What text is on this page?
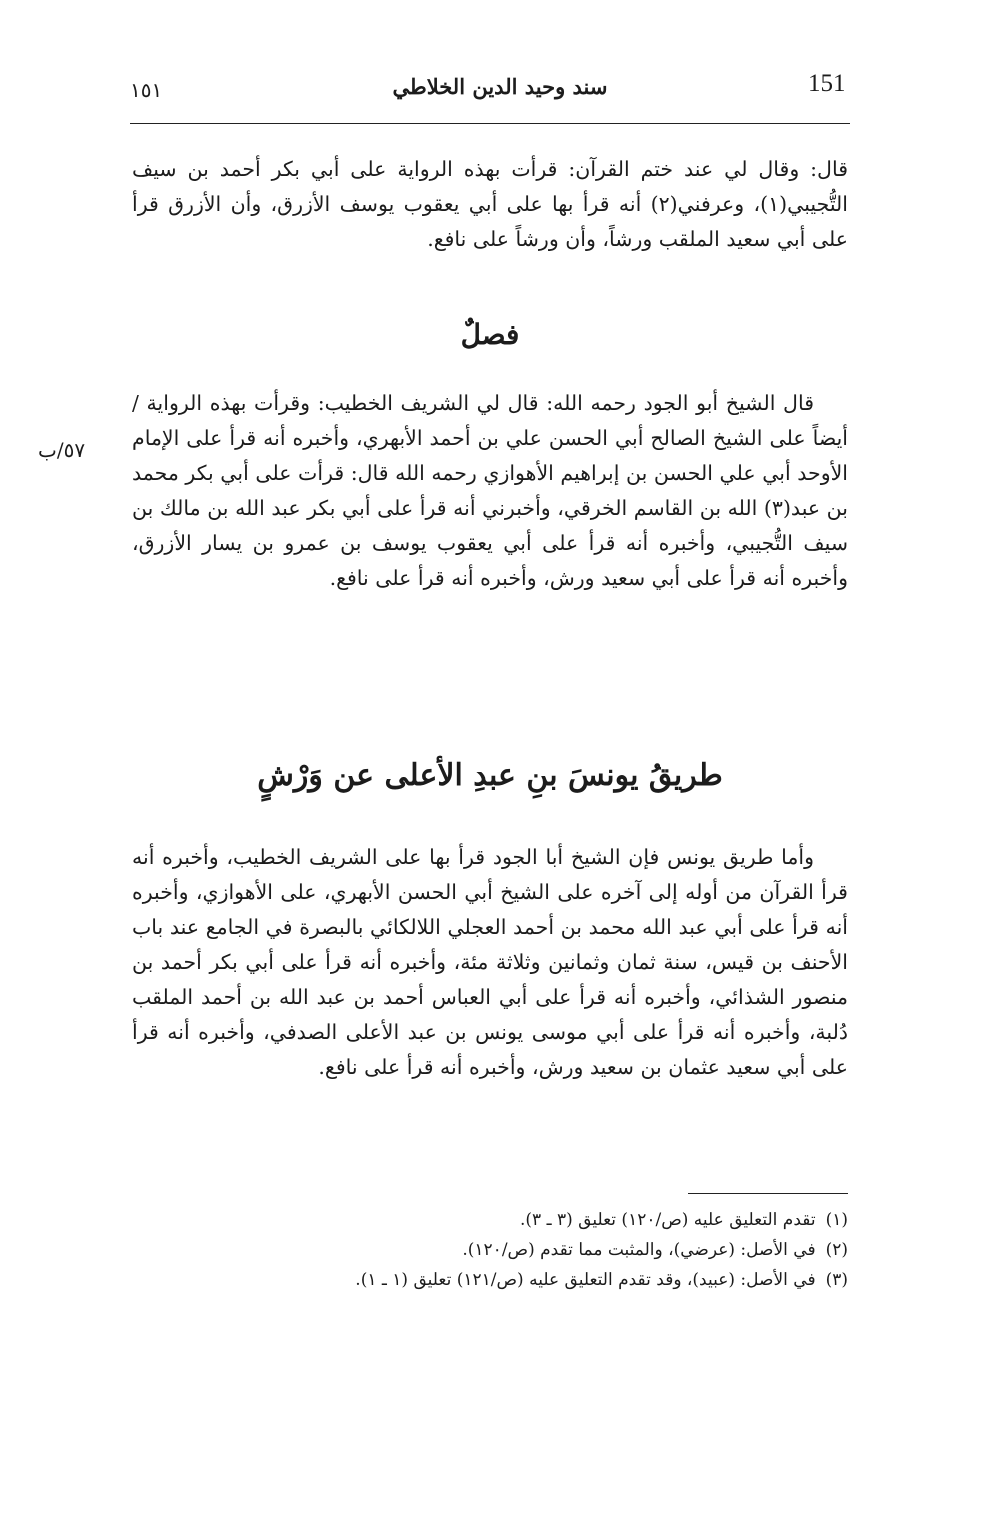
151
سند وحيد الدين الخلاطي
١٥١

قال: وقال لي عند ختم القرآن: قرأت بهذه الرواية على أبي بكر أحمد بن سيف التُّجيبي(١)، وعرفني(٢) أنه قرأ بها على أبي يعقوب يوسف الأزرق، وأن الأزرق قرأ على أبي سعيد الملقب ورشاً، وأن ورشاً على نافع.

فصلٌ
٥٧/ب

قال الشيخ أبو الجود رحمه الله: قال لي الشريف الخطيب: وقرأت بهذه الرواية / أيضاً على الشيخ الصالح أبي الحسن علي بن أحمد الأبهري، وأخبره أنه قرأ على الإمام الأوحد أبي علي الحسن بن إبراهيم الأهوازي رحمه الله قال: قرأت على أبي بكر محمد بن عبد(٣) الله بن القاسم الخرقي، وأخبرني أنه قرأ على أبي بكر عبد الله بن مالك بن سيف التُّجيبي، وأخبره أنه قرأ على أبي يعقوب يوسف بن عمرو بن يسار الأزرق، وأخبره أنه قرأ على أبي سعيد ورش، وأخبره أنه قرأ على نافع.

طريقُ يونسَ بنِ عبدِ الأعلى عن وَرْشٍ

وأما طريق يونس فإن الشيخ أبا الجود قرأ بها على الشريف الخطيب، وأخبره أنه قرأ القرآن من أوله إلى آخره على الشيخ أبي الحسن الأبهري، على الأهوازي، وأخبره أنه قرأ على أبي عبد الله محمد بن أحمد العجلي اللالكائي بالبصرة في الجامع عند باب الأحنف بن قيس، سنة ثمان وثمانين وثلاثة مئة، وأخبره أنه قرأ على أبي بكر أحمد بن منصور الشذائي، وأخبره أنه قرأ على أبي العباس أحمد بن عبد الله بن أحمد الملقب دُلبة، وأخبره أنه قرأ على أبي موسى يونس بن عبد الأعلى الصدفي، وأخبره أنه قرأ على أبي سعيد عثمان بن سعيد ورش، وأخبره أنه قرأ على نافع.

(١)تقدم التعليق عليه (ص/١٢٠) تعليق (٣ ـ ٣).
(٢)في الأصل: (عرضي)، والمثبت مما تقدم (ص/١٢٠).
(٣)في الأصل: (عبيد)، وقد تقدم التعليق عليه (ص/١٢١) تعليق (١ ـ ١).
